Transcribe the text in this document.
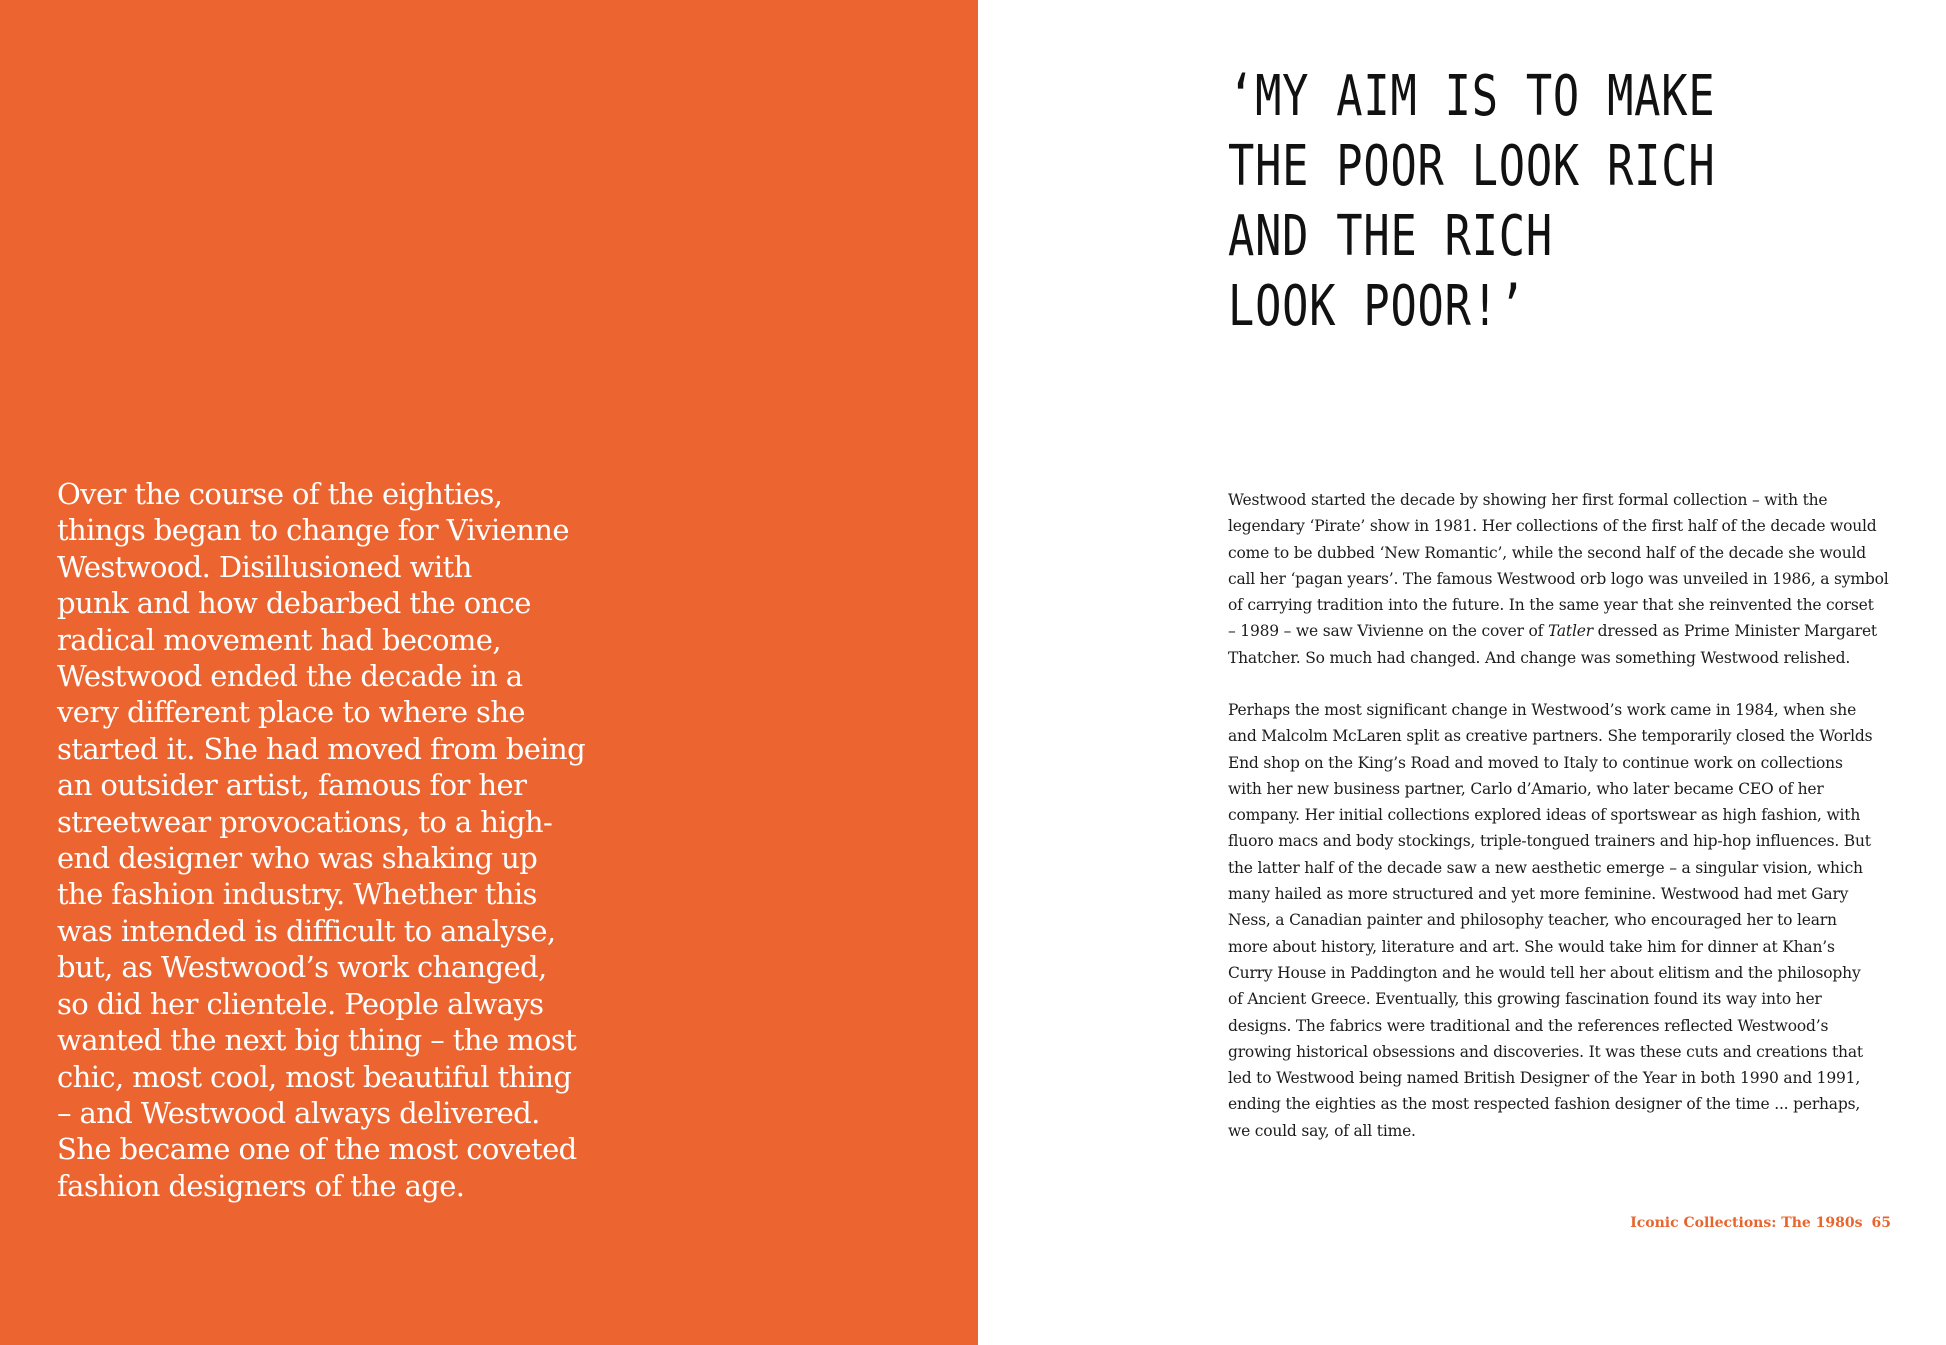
Over the course of the eighties,
things began to change for Vivienne
Westwood. Disillusioned with
punk and how debarbed the once
radical movement had become,
Westwood ended the decade in a
very different place to where she
started it. She had moved from being
an outsider artist, famous for her
streetwear provocations, to a high-
end designer who was shaking up
the fashion industry. Whether this
was intended is difficult to analyse,
but, as Westwood’s work changed,
so did her clientele. People always
wanted the next big thing – the most
chic, most cool, most beautiful thing
– and Westwood always delivered.
She became one of the most coveted
fashion designers of the age.

‘MY AIM IS TO MAKE
THE POOR LOOK RICH
AND THE RICH
LOOK POOR!’

Westwood started the decade by showing her first formal collection – with the
legendary ‘Pirate’ show in 1981. Her collections of the first half of the decade would
come to be dubbed ‘New Romantic’, while the second half of the decade she would
call her ‘pagan years’. The famous Westwood orb logo was unveiled in 1986, a symbol
of carrying tradition into the future. In the same year that she reinvented the corset
– 1989 – we saw Vivienne on the cover of Tatler dressed as Prime Minister Margaret
Thatcher. So much had changed. And change was something Westwood relished.

Perhaps the most significant change in Westwood’s work came in 1984, when she
and Malcolm McLaren split as creative partners. She temporarily closed the Worlds
End shop on the King’s Road and moved to Italy to continue work on collections
with her new business partner, Carlo d’Amario, who later became CEO of her
company. Her initial collections explored ideas of sportswear as high fashion, with
fluoro macs and body stockings, triple-tongued trainers and hip-hop influences. But
the latter half of the decade saw a new aesthetic emerge – a singular vision, which
many hailed as more structured and yet more feminine. Westwood had met Gary
Ness, a Canadian painter and philosophy teacher, who encouraged her to learn
more about history, literature and art. She would take him for dinner at Khan’s
Curry House in Paddington and he would tell her about elitism and the philosophy
of Ancient Greece. Eventually, this growing fascination found its way into her
designs. The fabrics were traditional and the references reflected Westwood’s
growing historical obsessions and discoveries. It was these cuts and creations that
led to Westwood being named British Designer of the Year in both 1990 and 1991,
ending the eighties as the most respected fashion designer of the time ... perhaps,
we could say, of all time.

Iconic Collections: The 1980s 65
